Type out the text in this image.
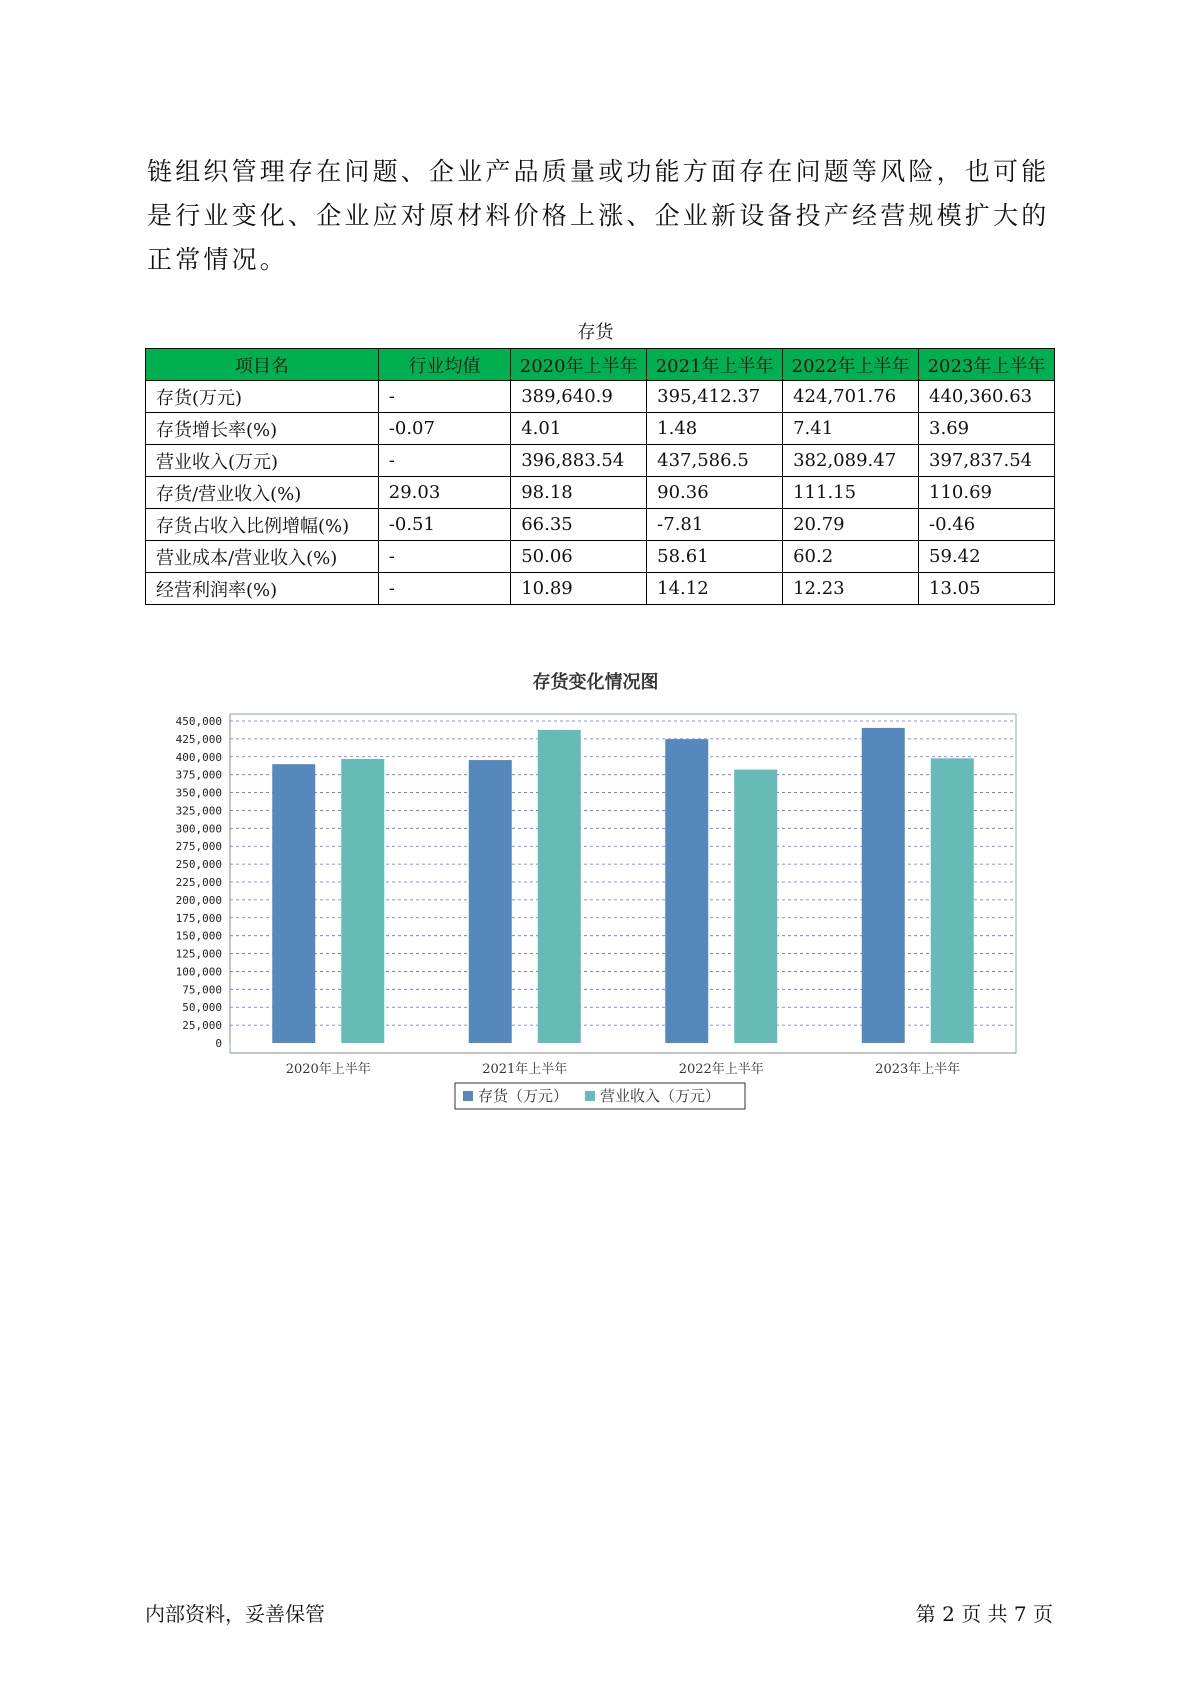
链组织管理存在问题、企业产品质量或功能方面存在问题等风险，也可能
是行业变化、企业应对原材料价格上涨、企业新设备投产经营规模扩大的
正常情况。
存货
项目名	行业均值	2020年上半年	2021年上半年	2022年上半年	2023年上半年
存货(万元)	-	389,640.9	395,412.37	424,701.76	440,360.63
存货增长率(%)	-0.07	4.01	1.48	7.41	3.69
营业收入(万元)	-	396,883.54	437,586.5	382,089.47	397,837.54
存货/营业收入(%)	29.03	98.18	90.36	111.15	110.69
存货占收入比例增幅(%)	-0.51	66.35	-7.81	20.79	-0.46
营业成本/营业收入(%)	-	50.06	58.61	60.2	59.42
经营利润率(%)	-	10.89	14.12	12.23	13.05
存货变化情况图
0
25,000
50,000
75,000
100,000
125,000
150,000
175,000
200,000
225,000
250,000
275,000
300,000
325,000
350,000
375,000
400,000
425,000
450,000
2020年上半年	2021年上半年	2022年上半年	2023年上半年
存货（万元） 营业收入（万元）
内部资料，妥善保管	第 2 页 共 7 页
